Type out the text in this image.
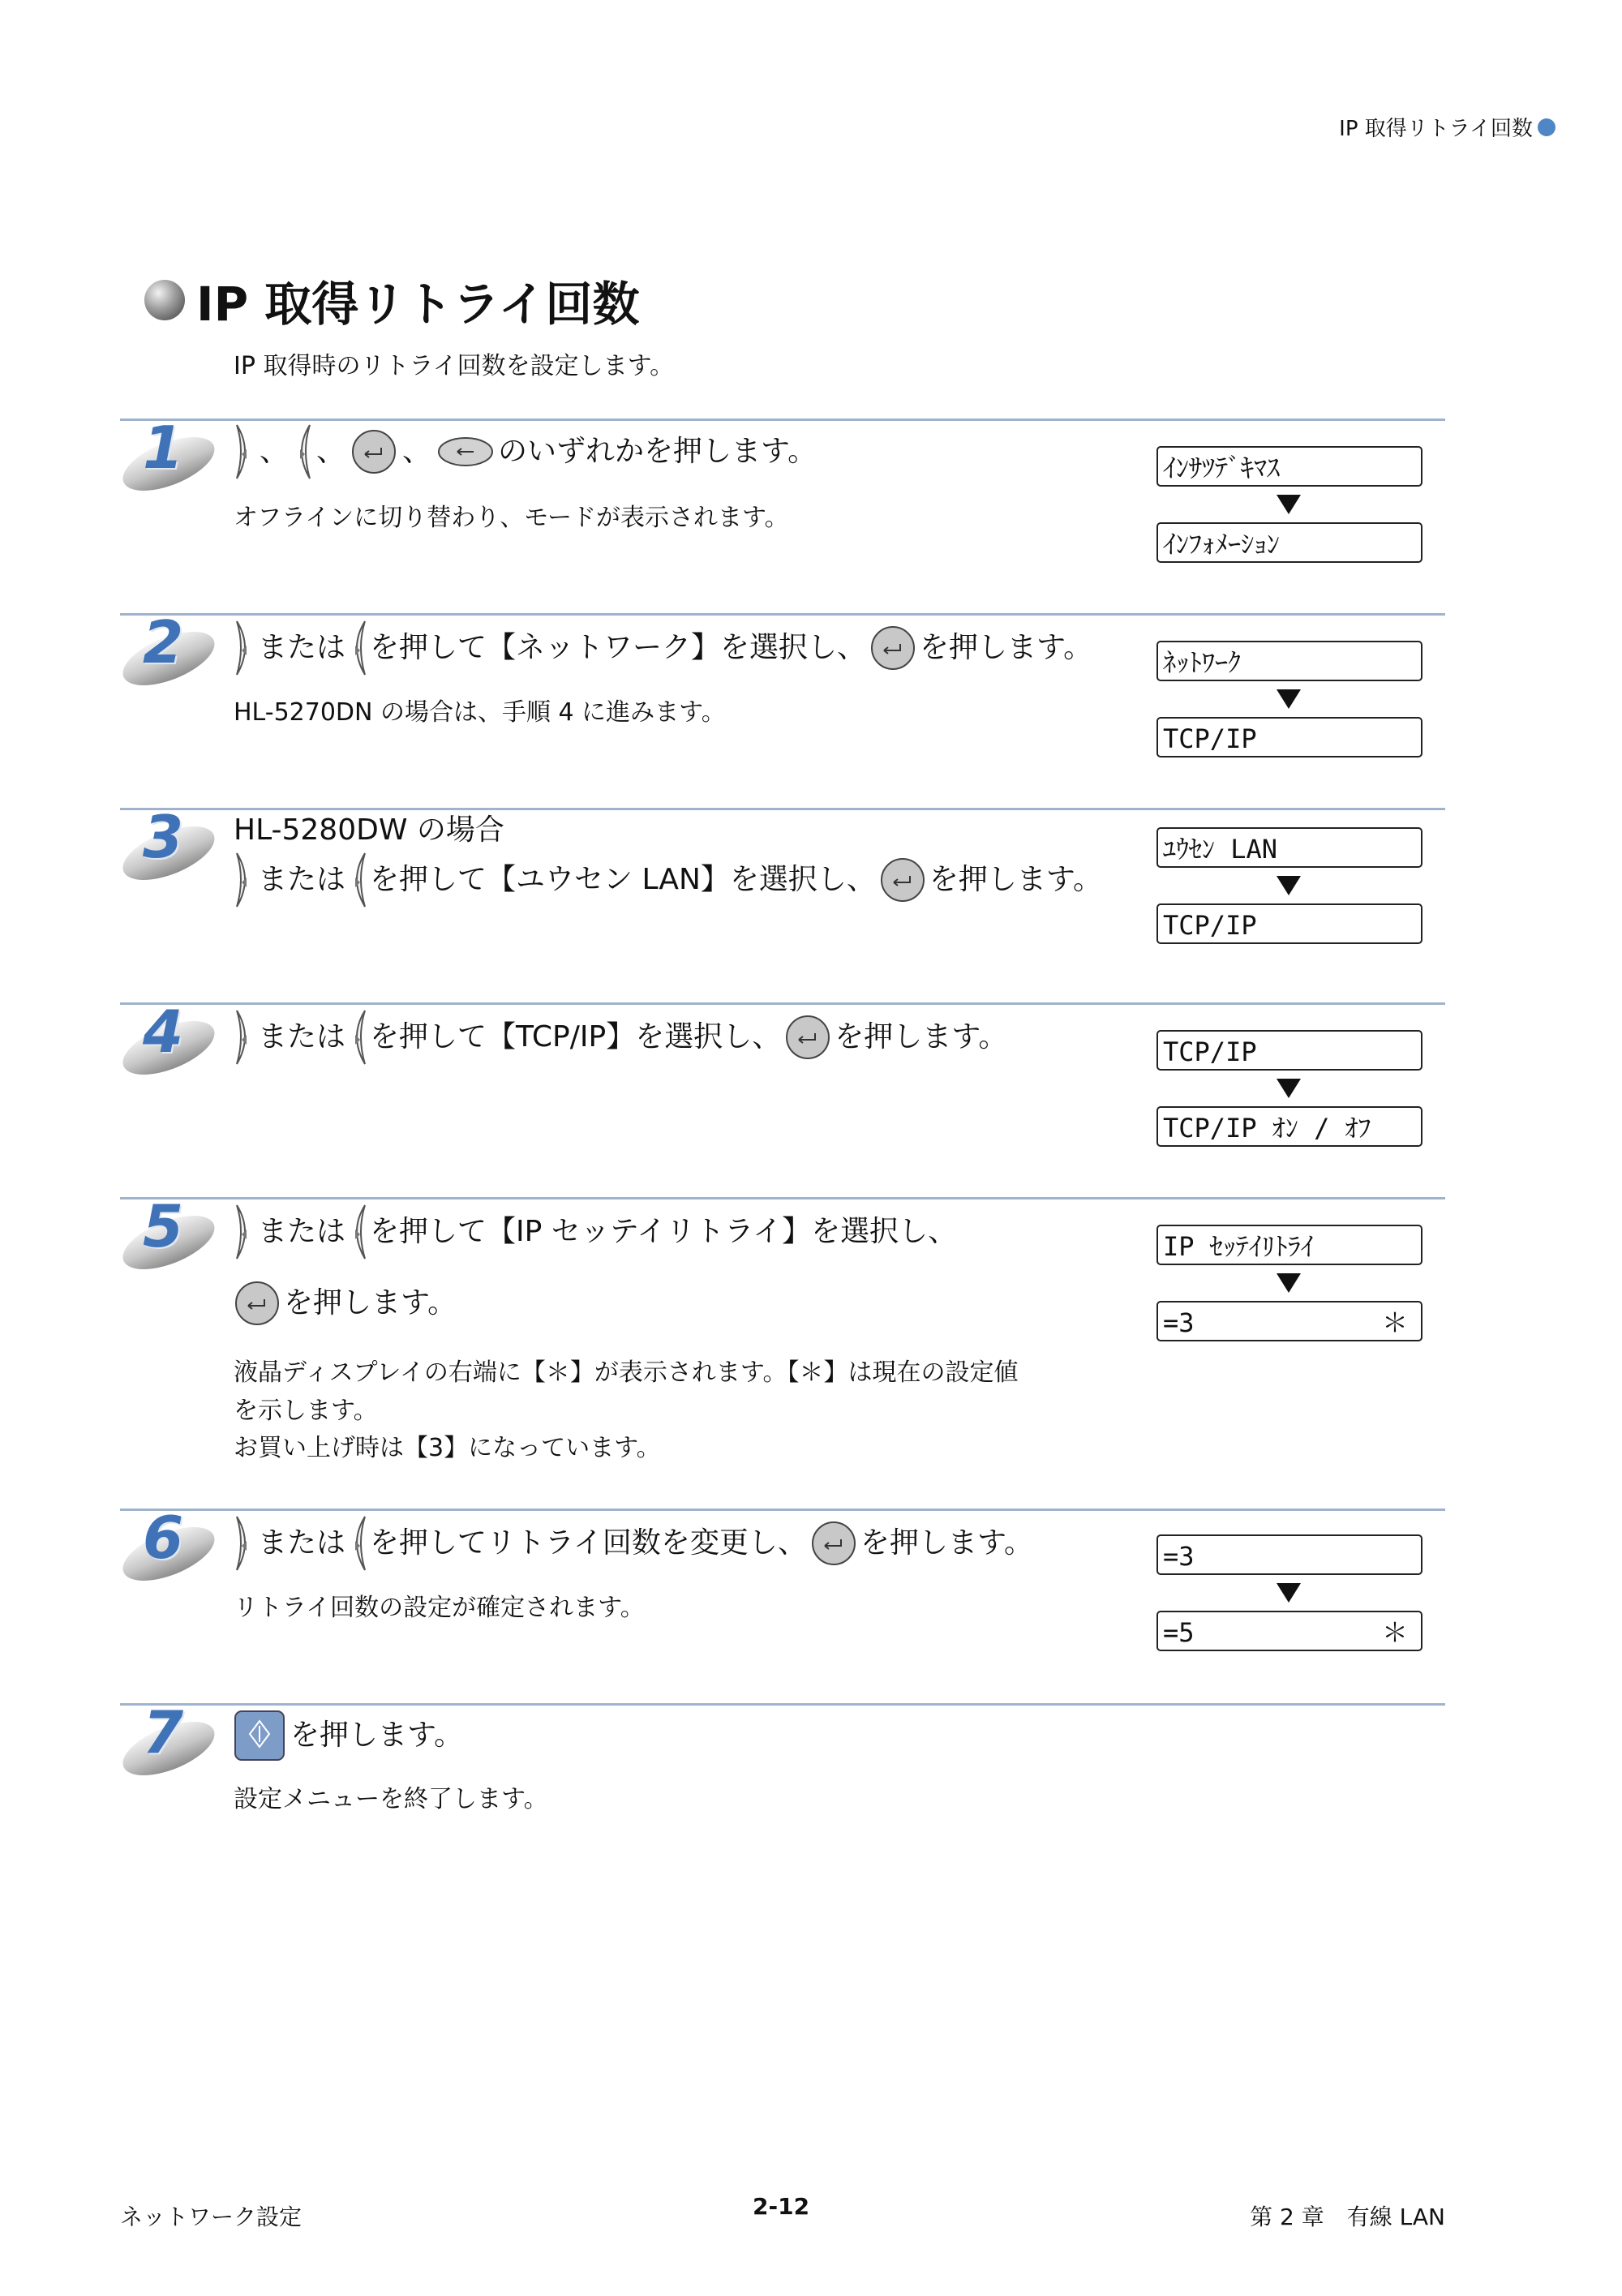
IP 取得リトライ回数
IP 取得リトライ回数
IP 取得時のリトライ回数を設定します。
1	、 、 、 のいずれかを押します。
オフラインに切り替わり、モードが表示されます。
ｲﾝｻﾂﾃﾞｷﾏｽ
ｲﾝﾌｫﾒｰｼｮﾝ
2	または を押して【ネットワーク】を選択し、 を押します。
HL-5270DN の場合は、手順 4 に進みます。
ﾈｯﾄﾜｰｸ
TCP/IP
3 HL-5280DW の場合
または を押して【ユウセン LAN】を選択し、 を押します。
ﾕｳｾﾝ LAN
TCP/IP
4	または を押して【TCP/IP】を選択し、 を押します。	TCP/IP
TCP/IP ｵﾝ / ｵﾌ
5	または を押して【IP セッテイリトライ】を選択し、
を押します。
液晶ディスプレイの右端に【＊】が表示されます。【＊】は現在の設定値
を示します。
お買い上げ時は【3】になっています。
IP ｾｯﾃｲﾘﾄﾗｲ
=3	＊
6	または を押してリトライ回数を変更し、 を押します。
リトライ回数の設定が確定されます。
=3
=5	＊
7	を押します。
設定メニューを終了します。
ネットワーク設定	2-12	第 2 章　有線 LAN
